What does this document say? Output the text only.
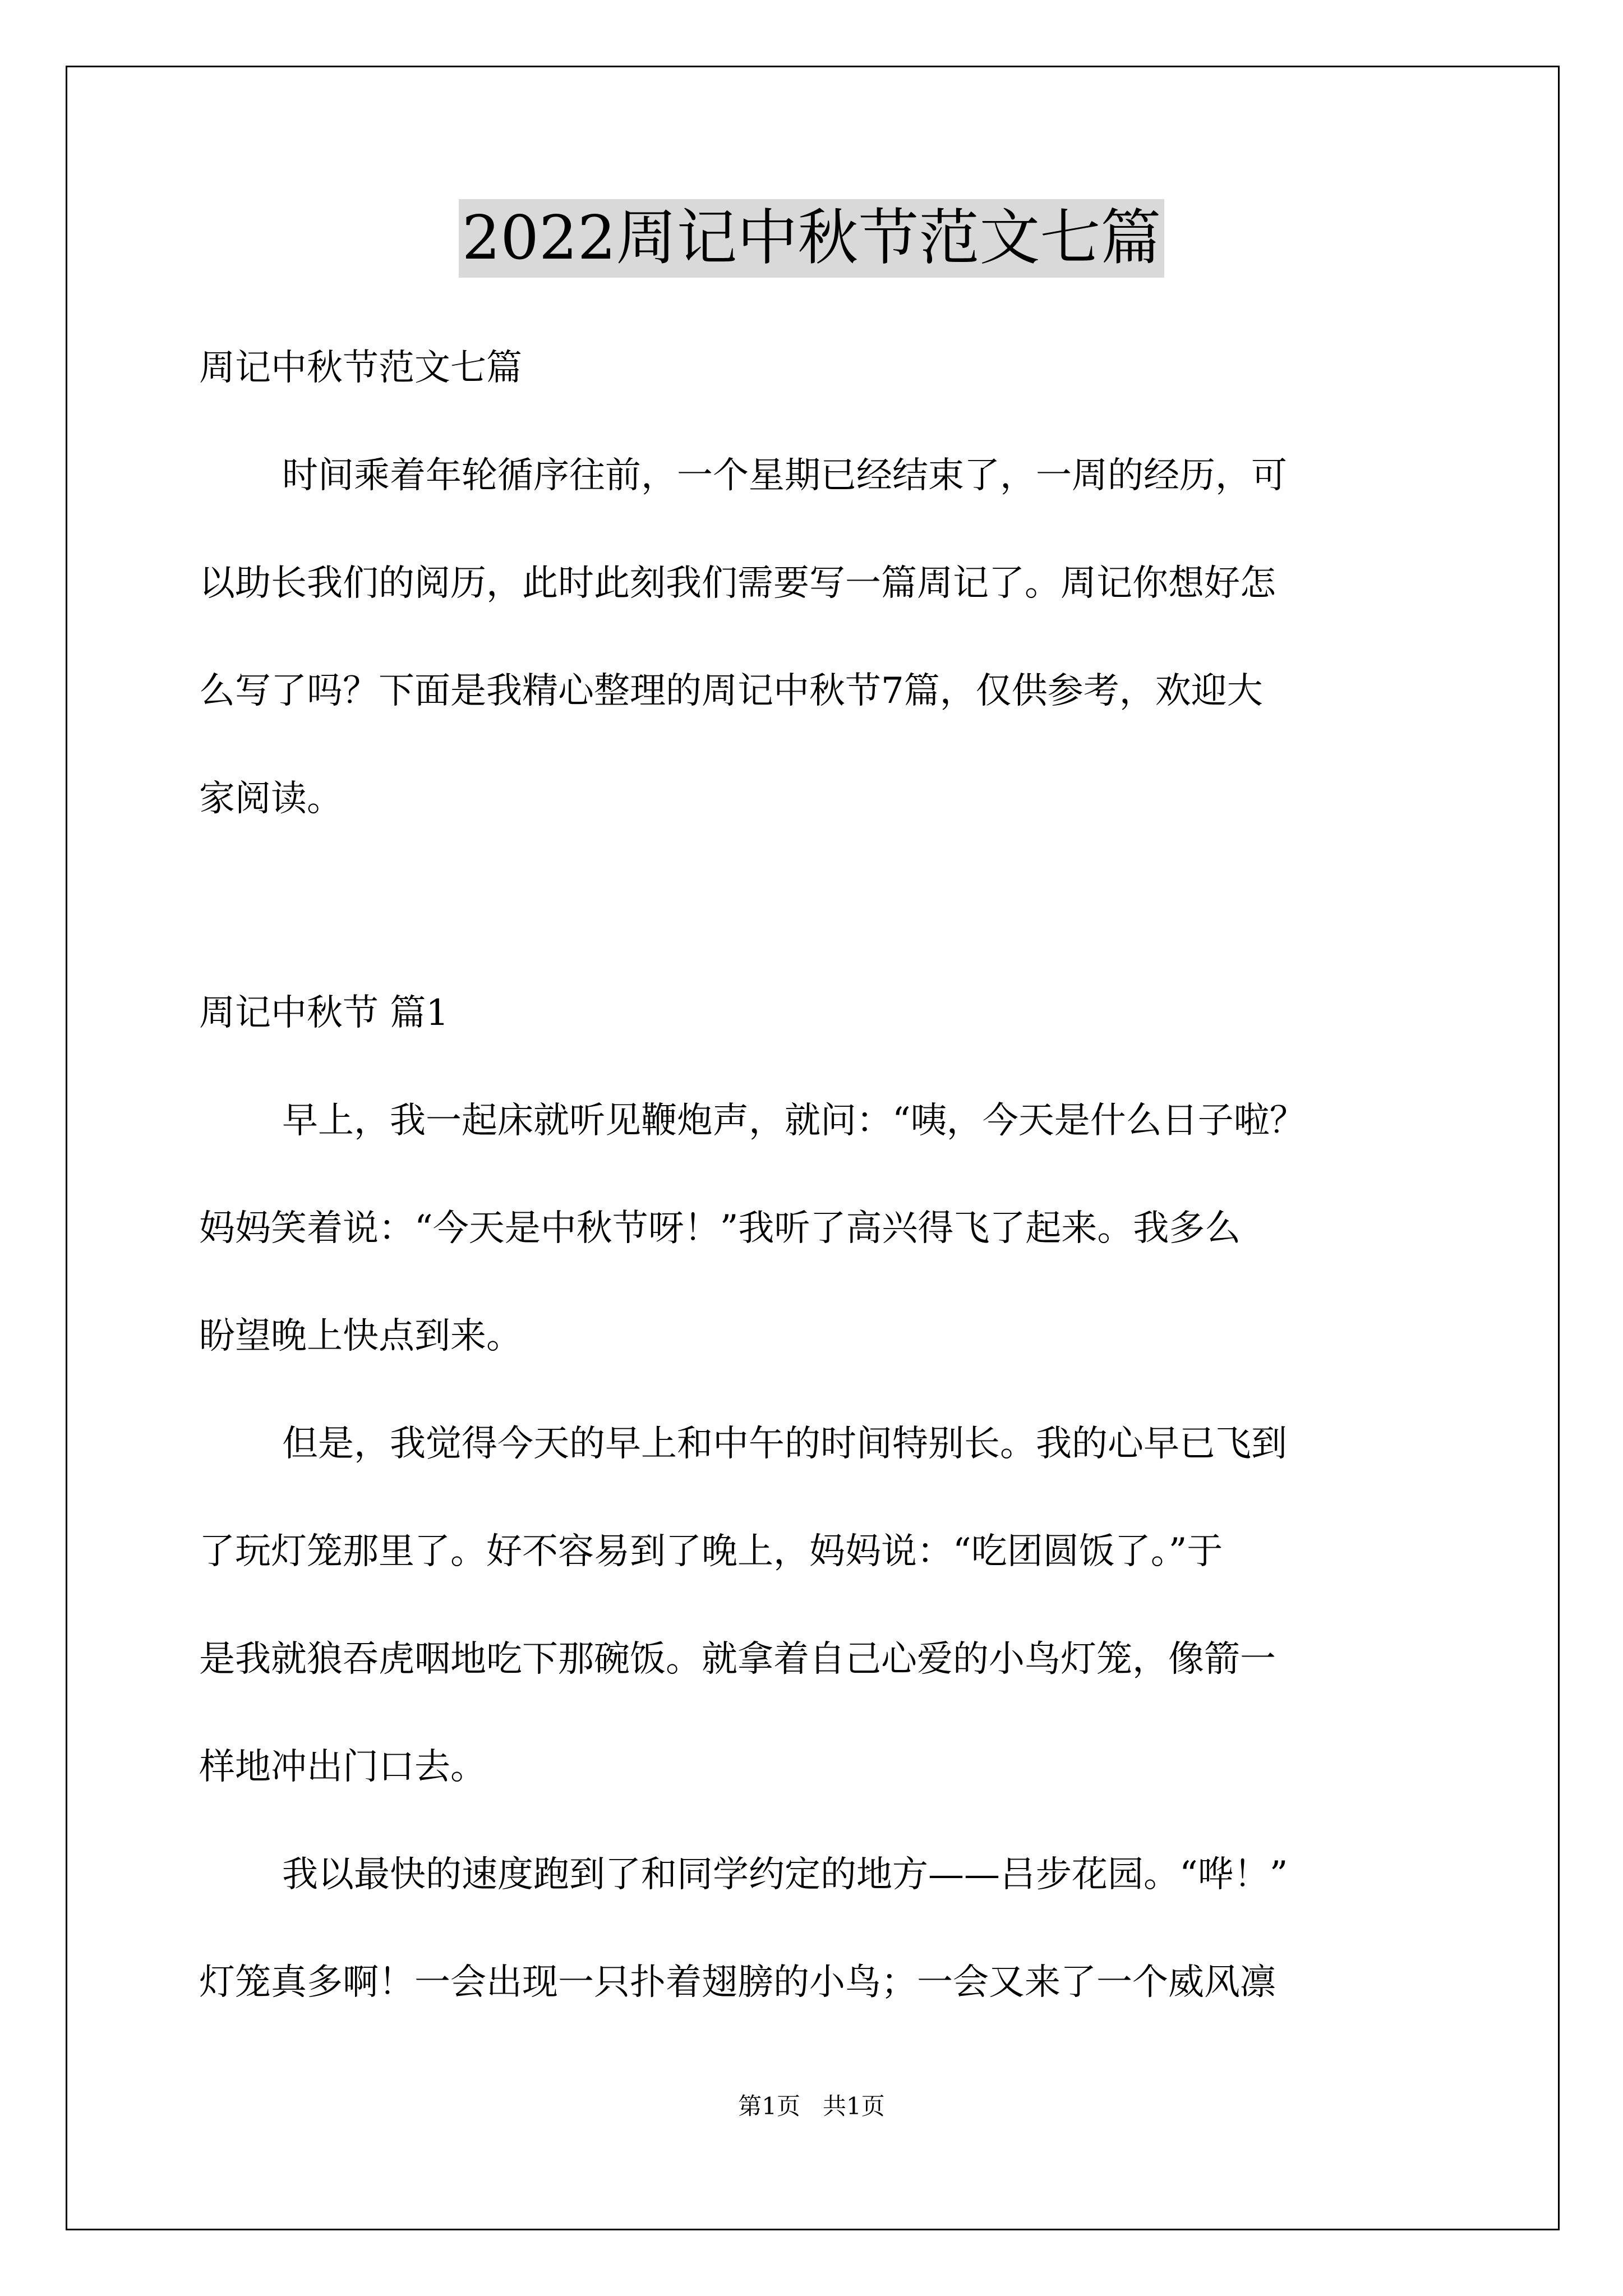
2022周记中秋节范文七篇
周记中秋节范文七篇
时间乘着年轮循序往前，一个星期已经结束了，一周的经历，可
以助长我们的阅历，此时此刻我们需要写一篇周记了。周记你想好怎
么写了吗？下面是我精心整理的周记中秋节7篇，仅供参考，欢迎大
家阅读。
周记中秋节 篇1
早上，我一起床就听见鞭炮声，就问：“咦，今天是什么日子啦？
妈妈笑着说：“今天是中秋节呀！”我听了高兴得飞了起来。我多么
盼望晚上快点到来。
但是，我觉得今天的早上和中午的时间特别长。我的心早已飞到
了玩灯笼那里了。好不容易到了晚上，妈妈说：“吃团圆饭了。”于
是我就狼吞虎咽地吃下那碗饭。就拿着自己心爱的小鸟灯笼，像箭一
样地冲出门口去。
我以最快的速度跑到了和同学约定的地方——吕步花园。“哗！”
灯笼真多啊！一会出现一只扑着翅膀的小鸟；一会又来了一个威风凛
第1页   共1页
